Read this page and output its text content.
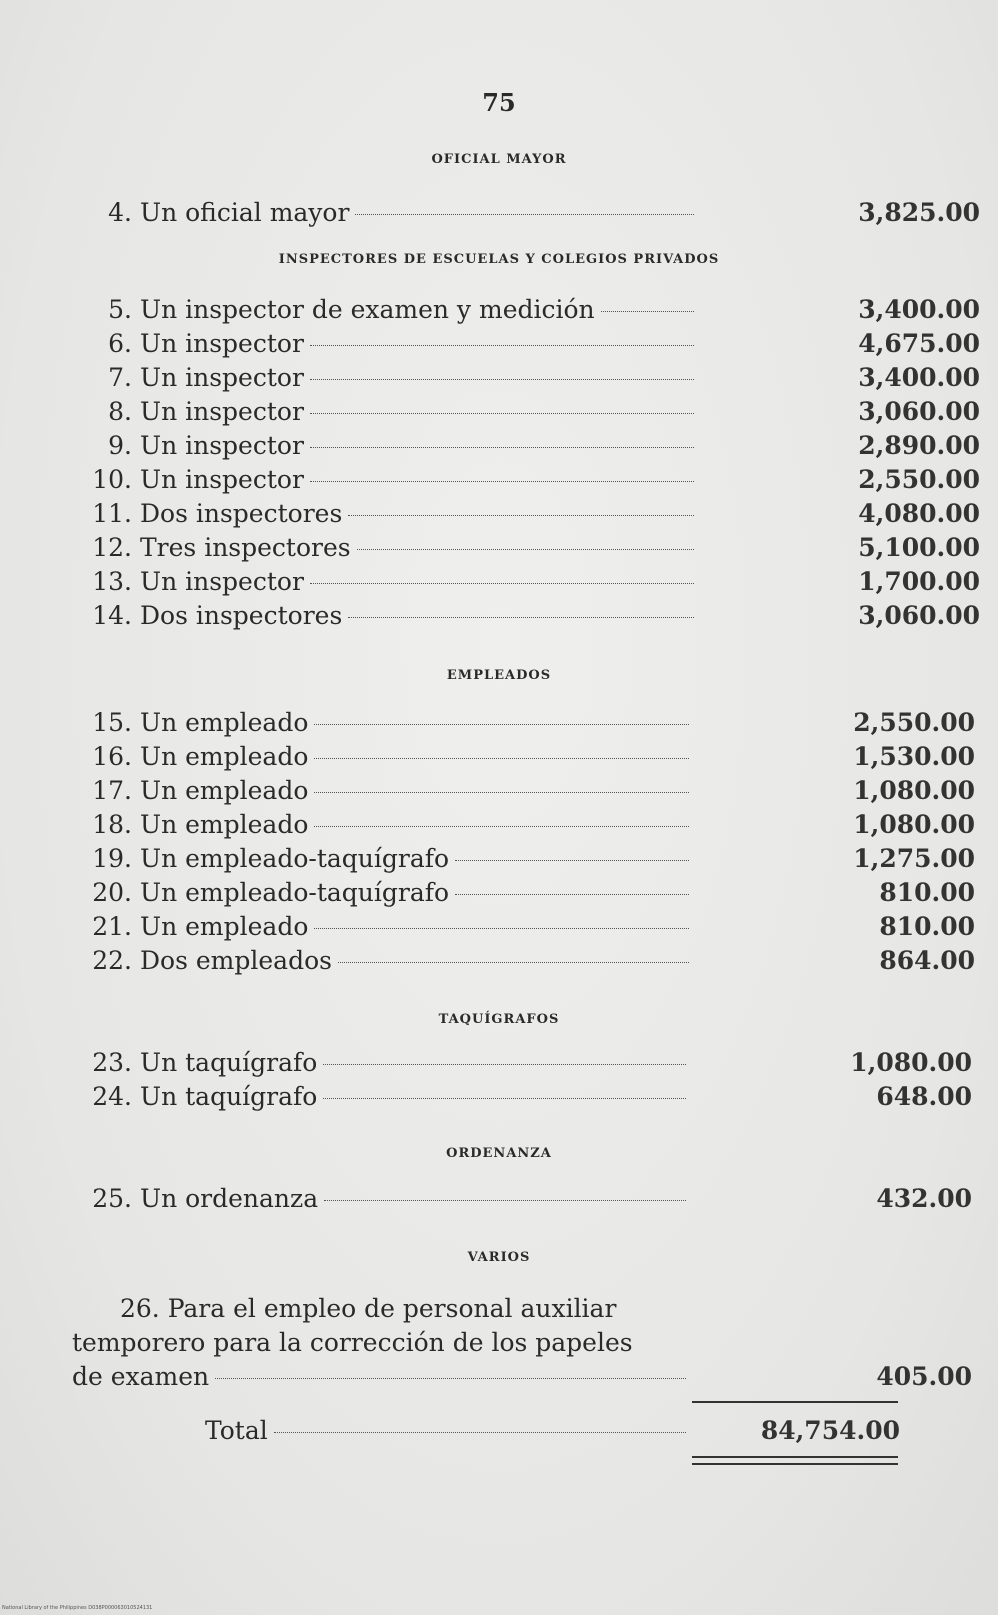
75
OFICIAL MAYOR
4. Un oficial mayor	3,825.00
INSPECTORES DE ESCUELAS Y COLEGIOS PRIVADOS
5. Un inspector de examen y medición	3,400.00
6. Un inspector	4,675.00
7. Un inspector	3,400.00
8. Un inspector	3,060.00
9. Un inspector	2,890.00
10. Un inspector	2,550.00
11. Dos inspectores	4,080.00
12. Tres inspectores	5,100.00
13. Un inspector	1,700.00
14. Dos inspectores	3,060.00
EMPLEADOS
15. Un empleado	2,550.00
16. Un empleado	1,530.00
17. Un empleado	1,080.00
18. Un empleado	1,080.00
19. Un empleado-taquígrafo	1,275.00
20. Un empleado-taquígrafo	810.00
21. Un empleado	810.00
22. Dos empleados	864.00
TAQUÍGRAFOS
23. Un taquígrafo	1,080.00
24. Un taquígrafo	648.00
ORDENANZA
25. Un ordenanza	432.00
VARIOS
26. Para el empleo de personal auxiliar
temporero para la corrección de los papeles
de examen	405.00
Total	84,754.00
National Library of the Philippines D038P000063010524131
